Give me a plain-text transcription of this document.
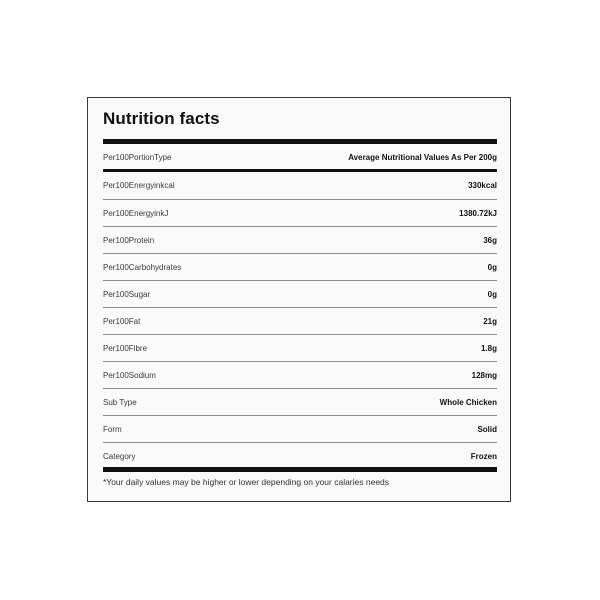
Nutrition facts
Per100PortionType	Average Nutritional Values As Per 200g
Per100Energyinkcal	330kcal
Per100EnergyinkJ	1380.72kJ
Per100Protein	36g
Per100Carbohydrates	0g
Per100Sugar	0g
Per100Fat	21g
Per100Fibre	1.8g
Per100Sodium	128mg
Sub Type	Whole Chicken
Form	Solid
Category	Frozen
*Your daily values may be higher or lower depending on your calaries needs
